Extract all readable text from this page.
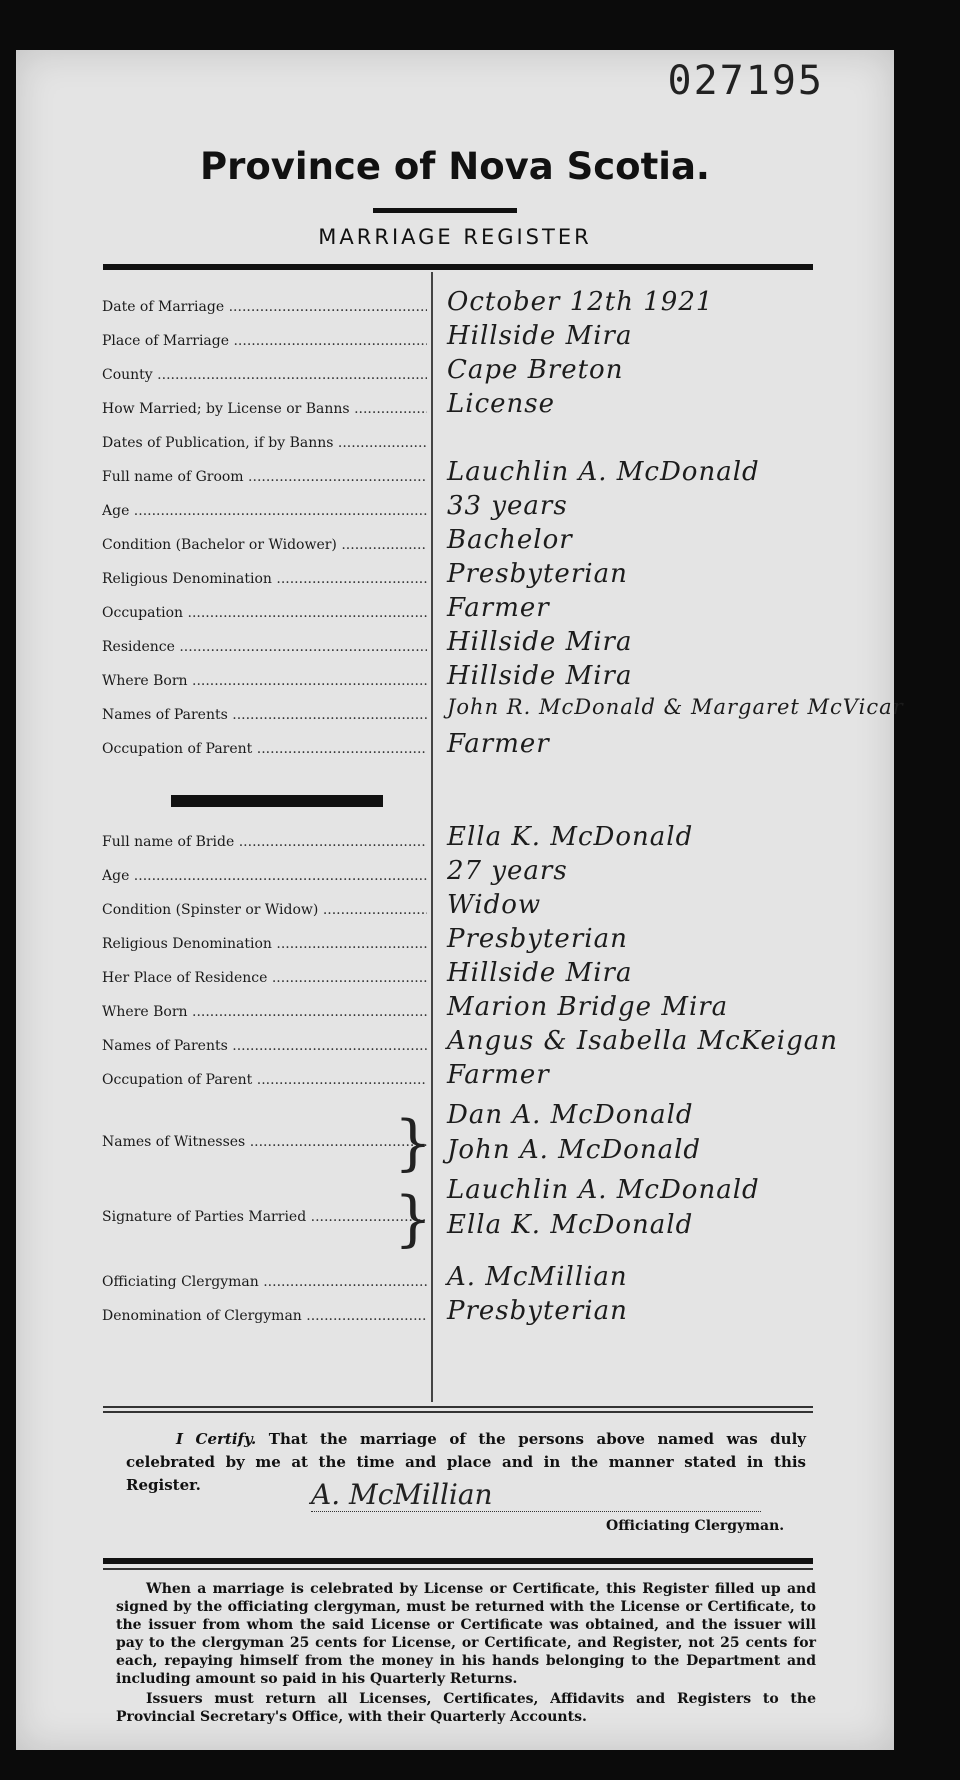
027195
Province of Nova Scotia.
MARRIAGE REGISTER
Date of Marriage .....	October 12th 1921
Place of Marriage .....	Hillside Mira
County .....	Cape Breton
How Married; by License or Banns .....	License
Dates of Publication, if by Banns .....
Full name of Groom .....	Lauchlin A. McDonald
Age .....	33 years
Condition (Bachelor or Widower) .....	Bachelor
Religious Denomination .....	Presbyterian
Occupation .....	Farmer
Residence .....	Hillside Mira
Where Born .....	Hillside Mira
Names of Parents .....	John R. McDonald & Margaret McVicar
Occupation of Parent .....	Farmer
Full name of Bride .....	Ella K. McDonald
Age .....	27 years
Condition (Spinster or Widow) .....	Widow
Religious Denomination .....	Presbyterian
Her Place of Residence .....	Hillside Mira
Where Born .....	Marion Bridge Mira
Names of Parents .....	Angus & Isabella McKeigan
Occupation of Parent .....	Farmer
Names of Witnesses .....	} Dan A. McDonald
John A. McDonald
Signature of Parties Married .....	} Lauchlin A. McDonald
Ella K. McDonald
Officiating Clergyman .....	A. McMillian
Denomination of Clergyman .....	Presbyterian
I Certify. That the marriage of the persons above named was duly celebrated by me at the time and place and in the manner stated in this Register.	A. McMillian
Officiating Clergyman.
When a marriage is celebrated by License or Certificate, this Register filled up and signed by the officiating clergyman, must be returned with the License or Certificate, to the issuer from whom the said License or Certificate was obtained, and the issuer will pay to the clergyman 25 cents for License, or Certificate, and Register, not 25 cents for each, repaying himself from the money in his hands belonging to the Department and including amount so paid in his Quarterly Returns.
Issuers must return all Licenses, Certificates, Affidavits and Registers to the Provincial Secretary's Office, with their Quarterly Accounts.
